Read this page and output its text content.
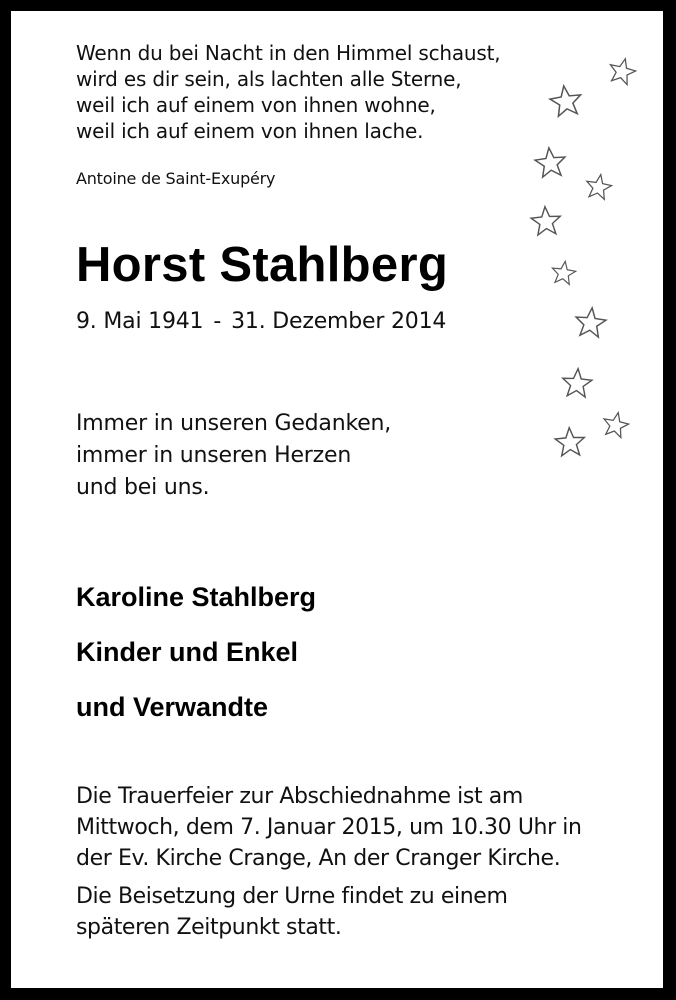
Wenn du bei Nacht in den Himmel schaust,
wird es dir sein, als lachten alle Sterne,
weil ich auf einem von ihnen wohne,
weil ich auf einem von ihnen lache.
Antoine de Saint-Exupéry
Horst Stahlberg
9. Mai 1941 - 31. Dezember 2014
Immer in unseren Gedanken,
immer in unseren Herzen
und bei uns.
Karoline Stahlberg
Kinder und Enkel
und Verwandte
Die Trauerfeier zur Abschiednahme ist am
Mittwoch, dem 7. Januar 2015, um 10.30 Uhr in
der Ev. Kirche Crange, An der Cranger Kirche.
Die Beisetzung der Urne findet zu einem
späteren Zeitpunkt statt.
